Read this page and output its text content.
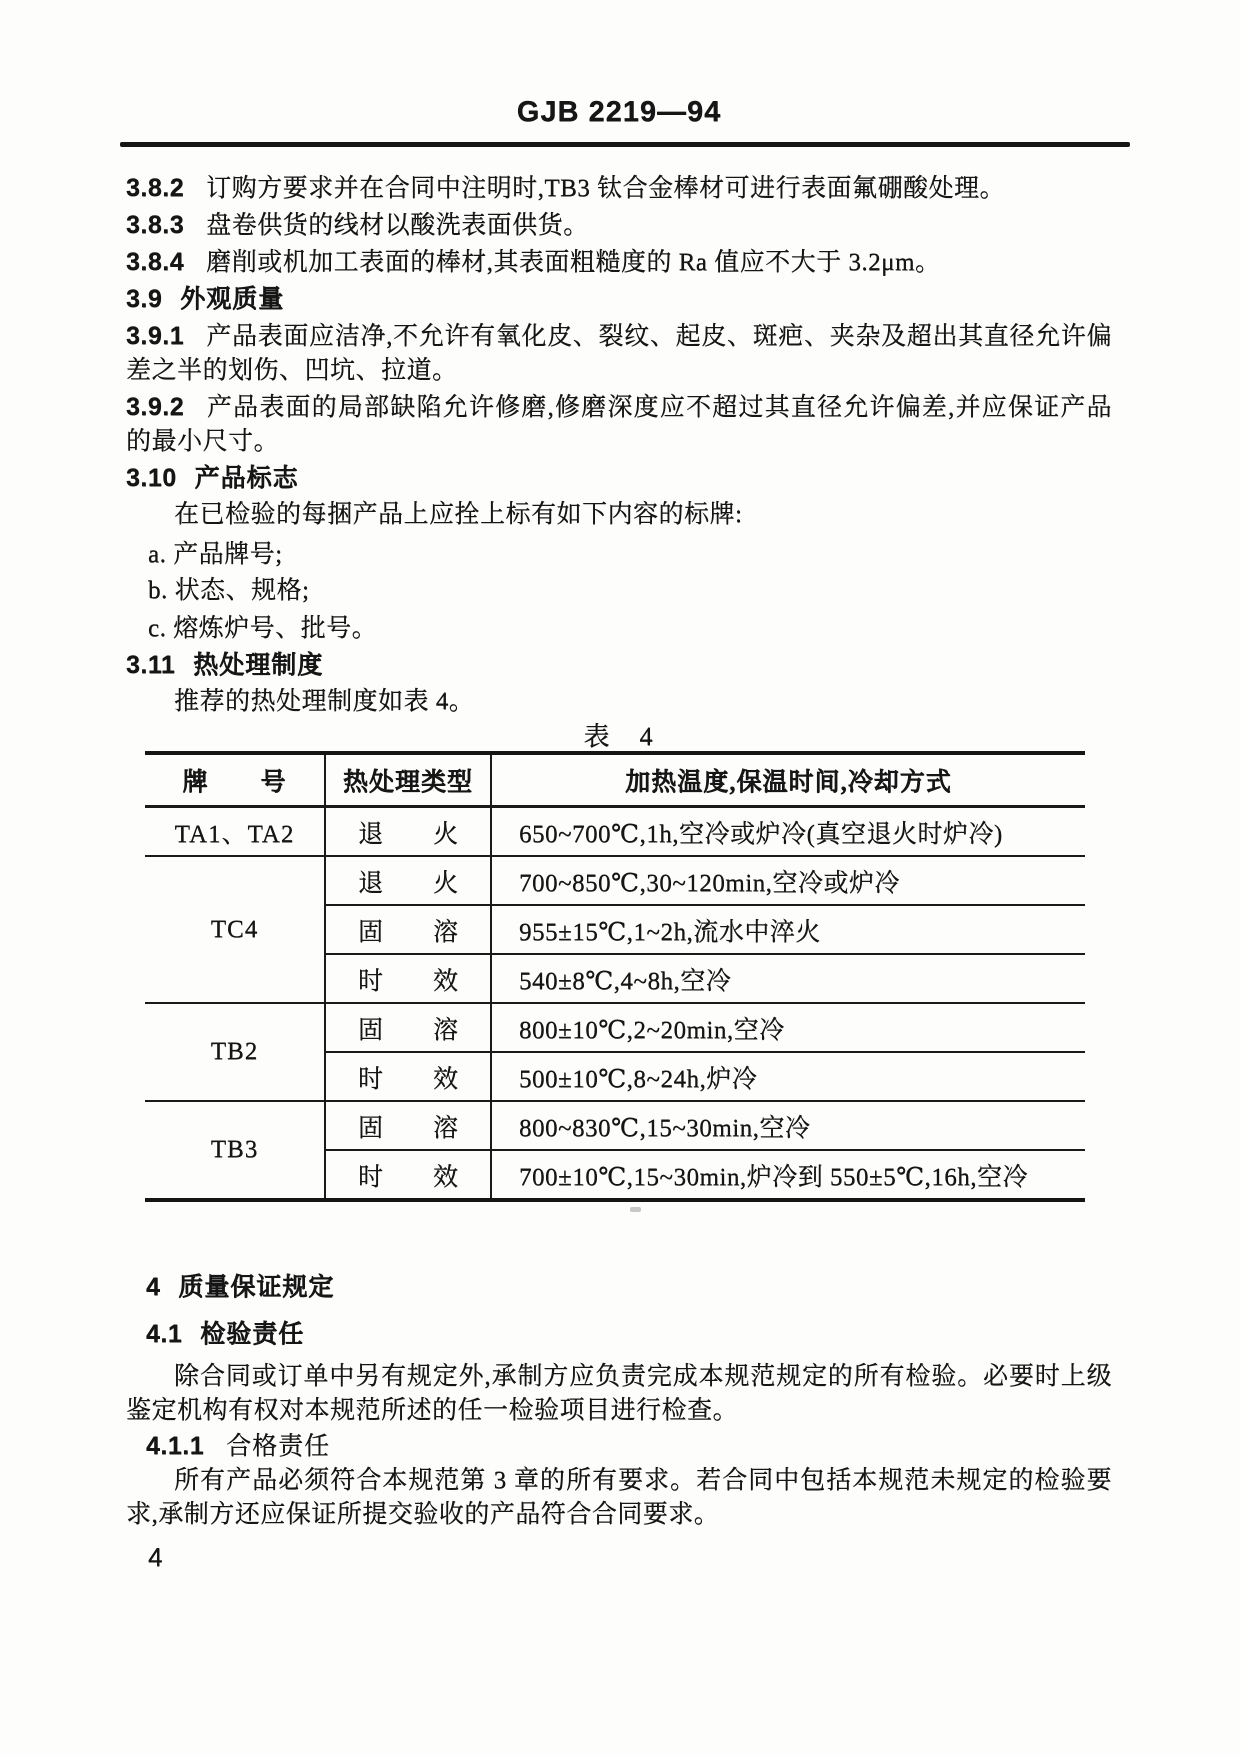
GJB 2219—94

3.8.2 订购方要求并在合同中注明时,TB3 钛合金棒材可进行表面氟硼酸处理。

3.8.3 盘卷供货的线材以酸洗表面供货。

3.8.4 磨削或机加工表面的棒材,其表面粗糙度的 Ra 值应不大于 3.2μm。

3.9 外观质量

3.9.1 产品表面应洁净,不允许有氧化皮、裂纹、起皮、斑疤、夹杂及超出其直径允许偏差之半的划伤、凹坑、拉道。

3.9.2 产品表面的局部缺陷允许修磨,修磨深度应不超过其直径允许偏差,并应保证产品的最小尺寸。

3.10 产品标志

在已检验的每捆产品上应拴上标有如下内容的标牌:

a. 产品牌号;

b. 状态、规格;

c. 熔炼炉号、批号。

3.11 热处理制度

推荐的热处理制度如表 4。

表　4
牌　　号	热处理类型	加热温度,保温时间,冷却方式
TA1、TA2	退　　火	650~700℃,1h,空冷或炉冷(真空退火时炉冷)
TC4	退　　火	700~850℃,30~120min,空冷或炉冷
	固　　溶	955±15℃,1~2h,流水中淬火
	时　　效	540±8℃,4~8h,空冷
TB2	固　　溶	800±10℃,2~20min,空冷
	时　　效	500±10℃,8~24h,炉冷
TB3	固　　溶	800~830℃,15~30min,空冷
	时　　效	700±10℃,15~30min,炉冷到 550±5℃,16h,空冷

4 质量保证规定

4.1 检验责任

除合同或订单中另有规定外,承制方应负责完成本规范规定的所有检验。必要时上级鉴定机构有权对本规范所述的任一检验项目进行检查。

4.1.1 合格责任

所有产品必须符合本规范第 3 章的所有要求。若合同中包括本规范未规定的检验要求,承制方还应保证所提交验收的产品符合合同要求。

4
